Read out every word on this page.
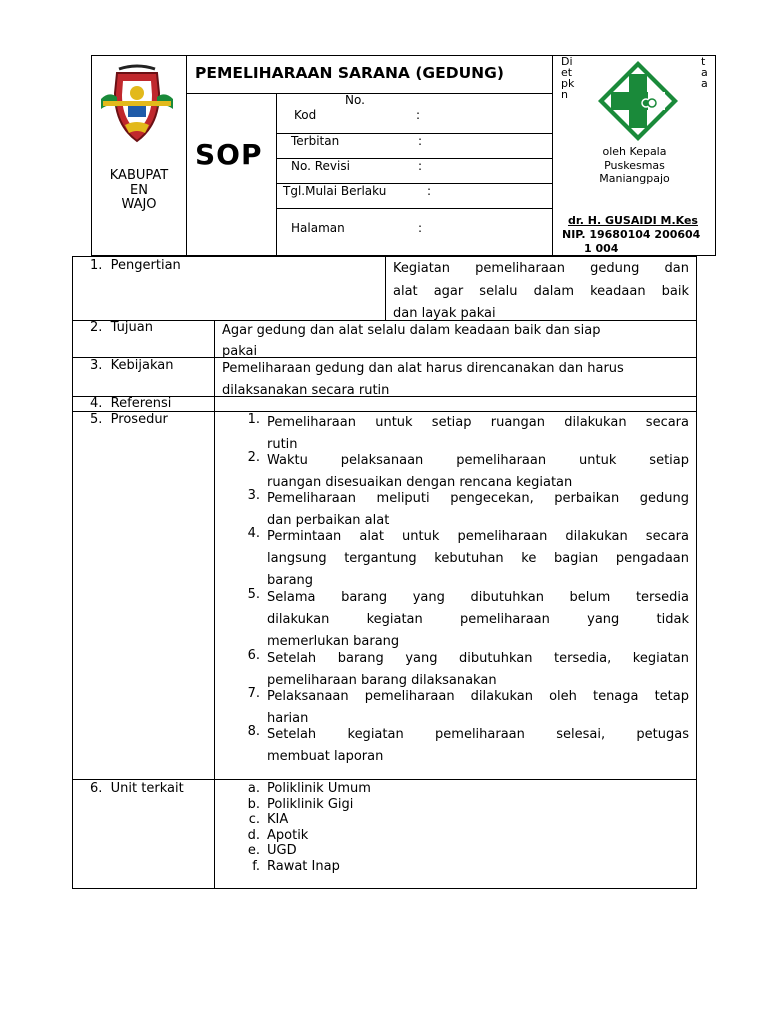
KABUPAT
EN
WAJO
PEMELIHARAAN SARANA (GEDUNG)
SOP
No.
Kod	:
Terbitan	:
No. Revisi	:
Tgl.Mulai Berlaku	:
Halaman	:
Di
et
pk
n
t
a
a
oleh Kepala
Puskesmas
Maniangpajo
dr. H. GUSAIDI M.Kes
NIP. 19680104 200604
1 004
1.  Pengertian	Kegiatan pemeliharaan gedung dan
alat agar selalu dalam keadaan baik
dan layak pakai
2.  Tujuan	Agar gedung dan alat selalu dalam keadaan baik dan siap
pakai
3.  Kebijakan	Pemeliharaan gedung dan alat harus direncanakan dan harus
dilaksanakan secara rutin
4.  Referensi
5.  Prosedur	1. Pemeliharaan untuk setiap ruangan dilakukan secara
rutin
2. Waktu pelaksanaan pemeliharaan untuk setiap
ruangan disesuaikan dengan rencana kegiatan
3. Pemeliharaan meliputi pengecekan, perbaikan gedung
dan perbaikan alat
4. Permintaan alat untuk pemeliharaan dilakukan secara
langsung tergantung kebutuhan ke bagian pengadaan
barang
5. Selama barang yang dibutuhkan belum tersedia
dilakukan kegiatan pemeliharaan yang tidak
memerlukan barang
6. Setelah barang yang dibutuhkan tersedia, kegiatan
pemeliharaan barang dilaksanakan
7. Pelaksanaan pemeliharaan dilakukan oleh tenaga tetap
harian
8. Setelah kegiatan pemeliharaan selesai, petugas
membuat laporan
6.  Unit terkait	a. Poliklinik Umum
b. Poliklinik Gigi
c. KIA
d. Apotik
e. UGD
f. Rawat Inap
